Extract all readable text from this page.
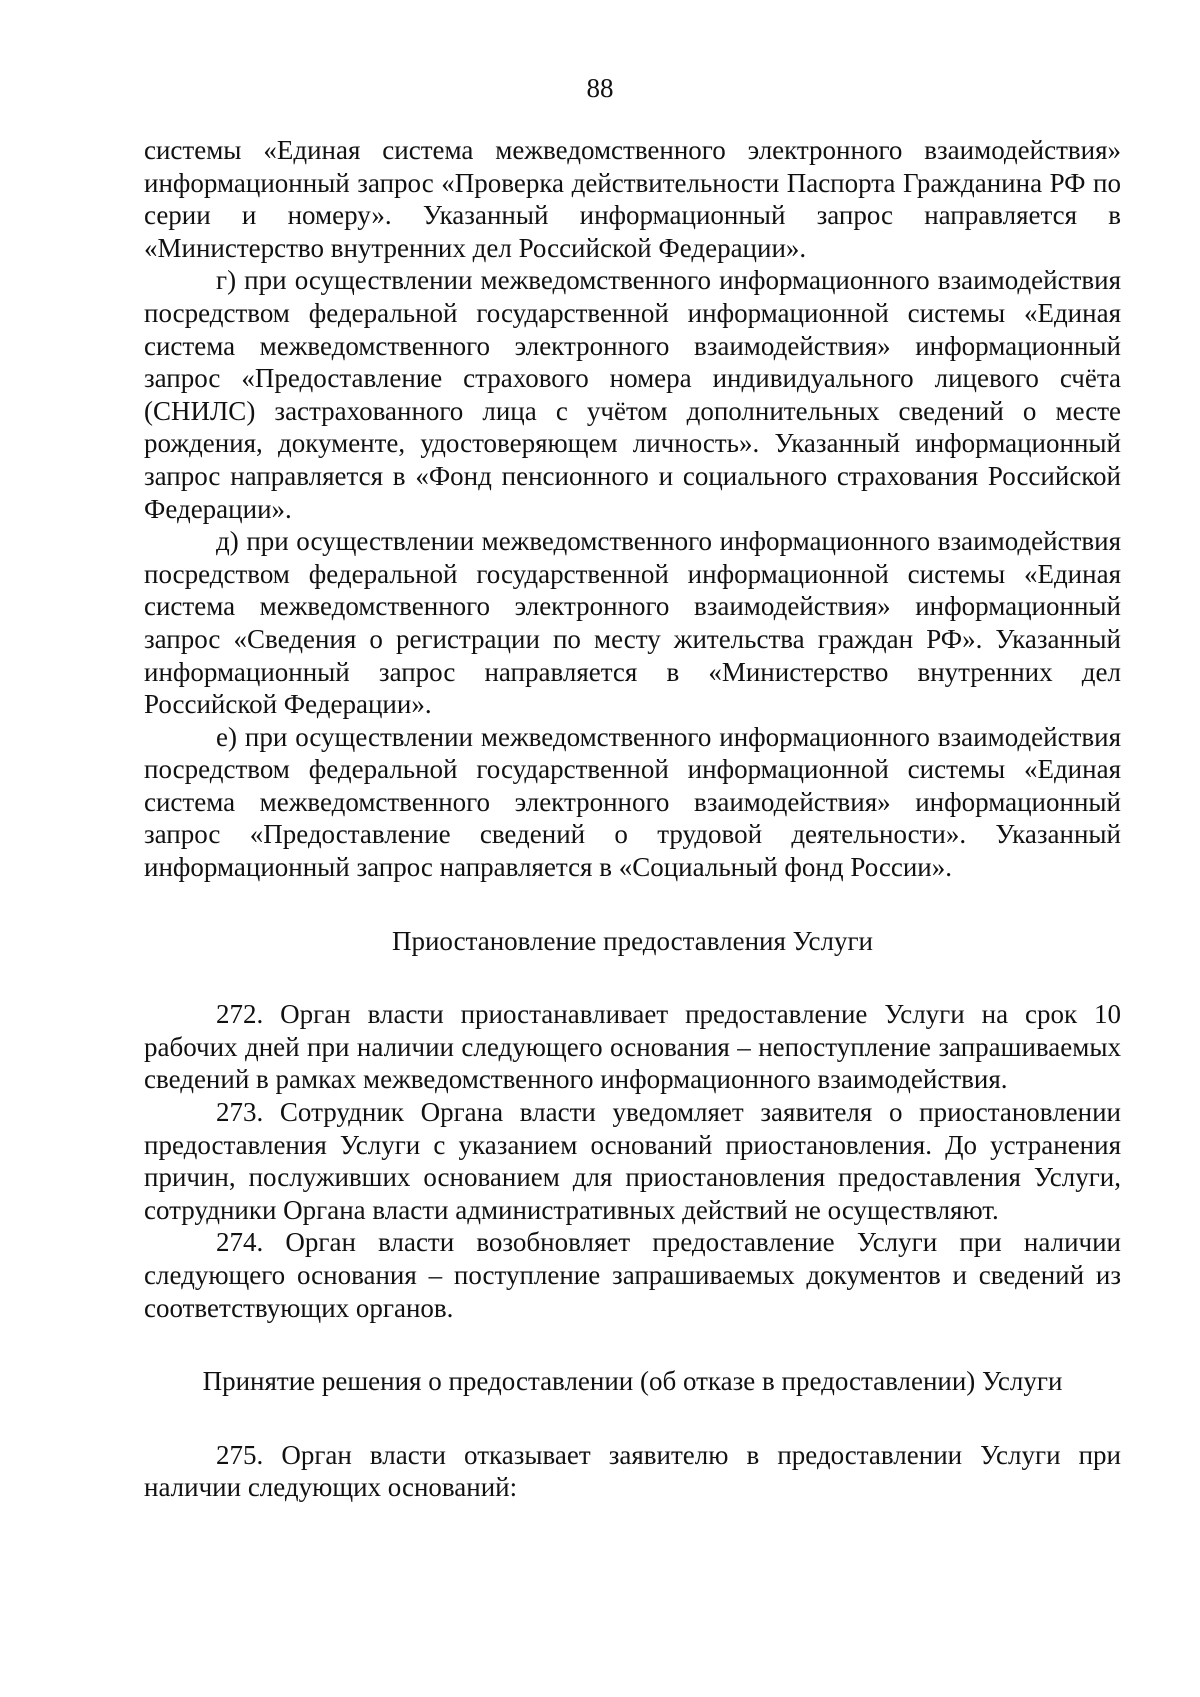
88

системы «Единая система межведомственного электронного взаимодействия» информационный запрос «Проверка действительности Паспорта Гражданина РФ по серии и номеру». Указанный информационный запрос направляется в «Министерство внутренних дел Российской Федерации».

г) при осуществлении межведомственного информационного взаимодействия посредством федеральной государственной информационной системы «Единая система межведомственного электронного взаимодействия» информационный запрос «Предоставление страхового номера индивидуального лицевого счёта (СНИЛС) застрахованного лица с учётом дополнительных сведений о месте рождения, документе, удостоверяющем личность». Указанный информационный запрос направляется в «Фонд пенсионного и социального страхования Российской Федерации».

д) при осуществлении межведомственного информационного взаимодействия посредством федеральной государственной информационной системы «Единая система межведомственного электронного взаимодействия» информационный запрос «Сведения о регистрации по месту жительства граждан РФ». Указанный информационный запрос направляется в «Министерство внутренних дел Российской Федерации».

е) при осуществлении межведомственного информационного взаимодействия посредством федеральной государственной информационной системы «Единая система межведомственного электронного взаимодействия» информационный запрос «Предоставление сведений о трудовой деятельности». Указанный информационный запрос направляется в «Социальный фонд России».

Приостановление предоставления Услуги

272. Орган власти приостанавливает предоставление Услуги на срок 10 рабочих дней при наличии следующего основания – непоступление запрашиваемых сведений в рамках межведомственного информационного взаимодействия.

273. Сотрудник Органа власти уведомляет заявителя о приостановлении предоставления Услуги с указанием оснований приостановления. До устранения причин, послуживших основанием для приостановления предоставления Услуги, сотрудники Органа власти административных действий не осуществляют.

274. Орган власти возобновляет предоставление Услуги при наличии следующего основания – поступление запрашиваемых документов и сведений из соответствующих органов.

Принятие решения о предоставлении (об отказе в предоставлении) Услуги

275. Орган власти отказывает заявителю в предоставлении Услуги при наличии следующих оснований:
